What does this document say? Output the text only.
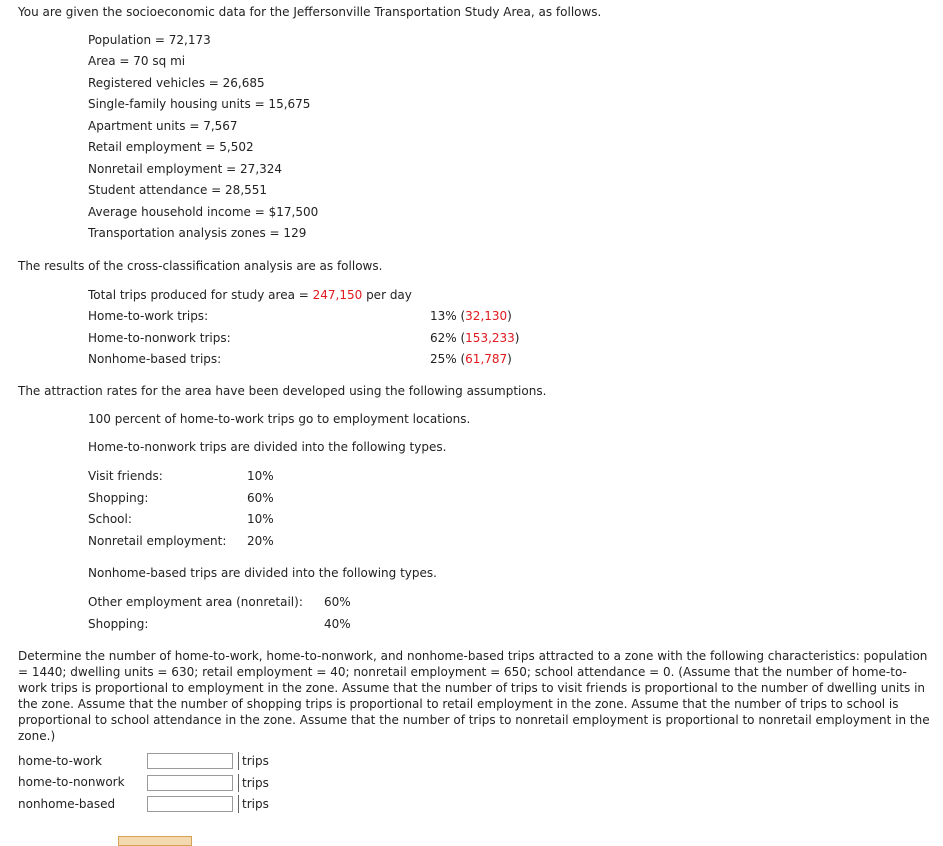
You are given the socioeconomic data for the Jeffersonville Transportation Study Area, as follows.
Population = 72,173
Area = 70 sq mi
Registered vehicles = 26,685
Single-family housing units = 15,675
Apartment units = 7,567
Retail employment = 5,502
Nonretail employment = 27,324
Student attendance = 28,551
Average household income = $17,500
Transportation analysis zones = 129
The results of the cross-classification analysis are as follows.
Total trips produced for study area = 247,150 per day
Home-to-work trips:	13% (32,130)
Home-to-nonwork trips:	62% (153,233)
Nonhome-based trips:	25% (61,787)
The attraction rates for the area have been developed using the following assumptions.
100 percent of home-to-work trips go to employment locations.
Home-to-nonwork trips are divided into the following types.
Visit friends:	10%
Shopping:	60%
School:	10%
Nonretail employment: 20%
Nonhome-based trips are divided into the following types.
Other employment area (nonretail): 60%
Shopping:	40%
Determine the number of home-to-work, home-to-nonwork, and nonhome-based trips attracted to a zone with the following characteristics: population = 1440; dwelling units = 630; retail employment = 40; nonretail employment = 650; school attendance = 0. (Assume that the number of home-to-work trips is proportional to employment in the zone. Assume that the number of trips to visit friends is proportional to the number of dwelling units in the zone. Assume that the number of shopping trips is proportional to retail employment in the zone. Assume that the number of trips to school is proportional to school attendance in the zone. Assume that the number of trips to nonretail employment is proportional to nonretail employment in the zone.)
home-to-work	trips
home-to-nonwork	trips
nonhome-based	trips
